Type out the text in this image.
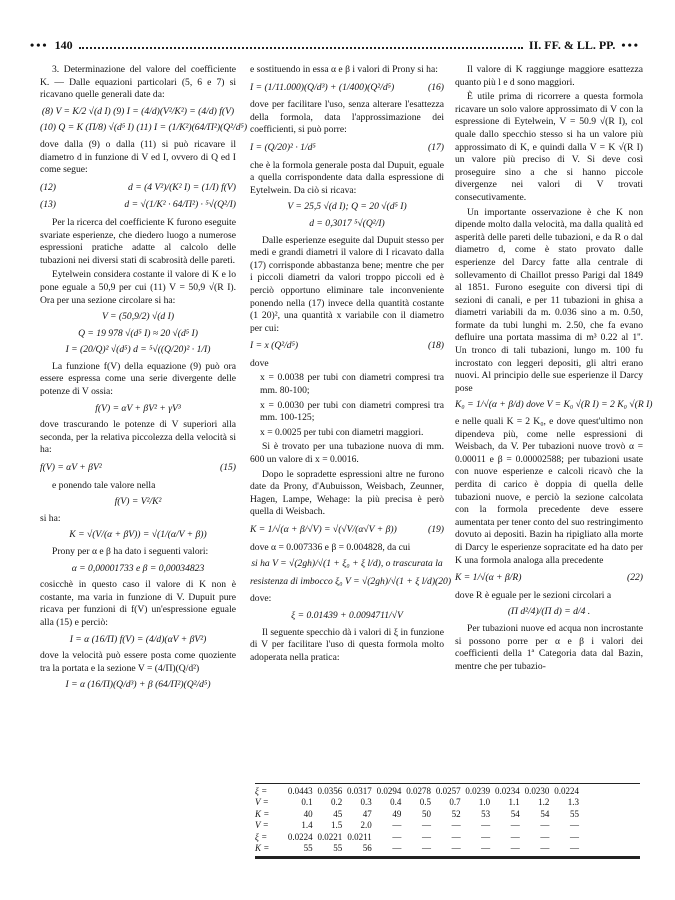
••• 140	II. FF. & LL. PP. •••

3. Determinazione del valore del coefficiente K. — Dalle equazioni particolari (5, 6 e 7) si ricavano quelle generali date da:

(8) V = K/2 √(d I) (9) I = (4/d)(V²/K²) = (4/d) f(V)
(10) Q = K (Π/8) √(d⁵ I) (11) I = (1/K²)(64/Π²)(Q²/d⁵)

dove dalla (9) o dalla (11) si può ricavare il diametro d in funzione di V ed I, ovvero di Q ed I come segue:

(12)	d = (4 V²)/(K² I) = (1/I) f(V)
(13)	d = √(1/K² · 64/Π²) · ⁵√(Q²/I)

Per la ricerca del coefficiente K furono eseguite svariate esperienze, che diedero luogo a numerose espressioni pratiche adatte al calcolo delle tubazioni nei diversi stati di scabrosità delle pareti.

Eytelwein considera costante il valore di K e lo pone eguale a 50,9 per cui (11) V = 50,9 √(R I). Ora per una sezione circolare si ha:

V = (50,9/2) √(d I)
Q = 19 978 √(d⁵ I) ≈ 20 √(d⁵ I)
I = (20/Q)² √(d⁵) d = ⁵√((Q/20)² · 1/I)

La funzione f(V) della equazione (9) può ora essere espressa come una serie divergente delle potenze di V ossia:

f(V) = αV + βV² + γV³

dove trascurando le potenze di V superiori alla seconda, per la relativa piccolezza della velocità si ha:

f(V) = αV + βV²	(15)

e ponendo tale valore nella

f(V) = V²/K²

si ha:

K = √(V/(α + βV)) = √(1/(α/V + β))

Prony per α e β ha dato i seguenti valori:

α = 0,00001733 e β = 0,00034823

cosicchè in questo caso il valore di K non è costante, ma varia in funzione di V. Dupuit pure ricava per funzioni di f(V) un'espressione eguale alla (15) e perciò:

I = α (16/Π) f(V) = (4/d)(αV + βV²)

dove la velocità può essere posta come quoziente tra la portata e la sezione V = (4/Π)(Q/d²)

I = α (16/Π)(Q/d³) + β (64/Π²)(Q²/d⁵)

e sostituendo in essa α e β i valori di Prony si ha:

I = (1/11.000)(Q/d³) + (1/400)(Q²/d⁵)	(16)

dove per facilitare l'uso, senza alterare l'esattezza della formola, data l'approssimazione dei coefficienti, si può porre:

I = (Q/20)² · 1/d⁵	(17)

che è la formola generale posta dal Dupuit, eguale a quella corrispondente data dalla espressione di Eytelwein. Da ciò si ricava:

V = 25,5 √(d I); Q = 20 √(d⁵ I)
d = 0,3017 ⁵√(Q²/I)

Dalle esperienze eseguite dal Dupuit stesso per medi e grandi diametri il valore di I ricavato dalla (17) corrisponde abbastanza bene; mentre che per i piccoli diametri da valori troppo piccoli ed è perciò opportuno eliminare tale inconveniente ponendo nella (17) invece della quantità costante (1 20)², una quantità x variabile con il diametro per cui:

I = x (Q²/d⁵)	(18)

dove

x = 0.0038 per tubi con diametri compresi tra mm. 80-100;

x = 0.0030 per tubi con diametri compresi tra mm. 100-125;

x = 0.0025 per tubi con diametri maggiori.

Si è trovato per una tubazione nuova di mm. 600 un valore di x = 0.0016.

Dopo le sopradette espressioni altre ne furono date da Prony, d'Aubuisson, Weisbach, Zeunner, Hagen, Lampe, Wehage: la più precisa è però quella di Weisbach.

K = 1/√(α + β/√V) = √(√V/(α√V + β))	(19)

dove α = 0.007336 e β = 0.004828, da cui

si ha V = √(2gh)/√(1 + ξ₀ + ξ l/d), o trascurata la

resistenza di imbocco ξ₀ V = √(2gh)/√(1 + ξ l/d) (20)

dove:

ξ = 0.01439 + 0.0094711/√V

Il seguente specchio dà i valori di ξ in funzione di V per facilitare l'uso di questa formola molto adoperata nella pratica:

Il valore di K raggiunge maggiore esattezza quanto più l e d sono maggiori.

È utile prima di ricorrere a questa formola ricavare un solo valore approssimato di V con la espressione di Eytelwein, V = 50.9 √(R I), col quale dallo specchio stesso si ha un valore più approssimato di K, e quindi dalla V = K √(R I) un valore più preciso di V. Si deve così proseguire sino a che si hanno piccole divergenze nei valori di V trovati consecutivamente.

Un importante osservazione è che K non dipende molto dalla velocità, ma dalla qualità ed asperità delle pareti delle tubazioni, e da R o dal diametro d, come è stato provato dalle esperienze del Darcy fatte alla centrale di sollevamento di Chaillot presso Parigi dal 1849 al 1851. Furono eseguite con diversi tipi di sezioni di canali, e per 11 tubazioni in ghisa a diametri variabili da m. 0.036 sino a m. 0.50, formate da tubi lunghi m. 2.50, che fa evano defluire una portata massima di m³ 0.22 al 1''. Un tronco di tali tubazioni, lungo m. 100 fu incrostato con leggeri depositi, gli altri erano nuovi. Al principio delle sue esperienze il Darcy pose

K₀ = 1/√(α + β/d) dove V = K₀ √(R I) = 2 K₀ √(R I)

e nelle quali K = 2 K₀, e dove quest'ultimo non dipendeva più, come nelle espressioni di Weisbach, da V. Per tubazioni nuove trovò α = 0.00011 e β = 0.00002588; per tubazioni usate con nuove esperienze e calcoli ricavò che la perdita di carico è doppia di quella delle tubazioni nuove, e perciò la sezione calcolata con la formola precedente deve essere aumentata per tener conto del suo restringimento dovuto ai depositi. Bazin ha ripigliato alla morte di Darcy le esperienze sopracitate ed ha dato per K una formola analoga alla precedente

K = 1/√(α + β/R)	(22)

dove R è eguale per le sezioni circolari a

(Π d²/4)/(Π d) = d/4 .

Per tubazioni nuove ed acqua non incrostante si possono porre per α e β i valori dei coefficienti della 1ª Categoria data dal Bazin, mentre che per tubazio-

ξ =	0.0443 0.0356 0.0317 0.0294 0.0278 0.0257 0.0239 0.0234 0.0230 0.0224
V =	0.1	0.2	0.3	0.4	0.5	0.7	1.0	1.1	1.2	1.3
K =	40	45	47	49	50	52	53	54	54	55
V =	1.4	1.5	2.0	—	—	—	—	—	—	—
ξ =	0.0224 0.0221 0.0211	—	—	—	—	—	—	—
K =	55	55	56	—	—	—	—	—	—	—
